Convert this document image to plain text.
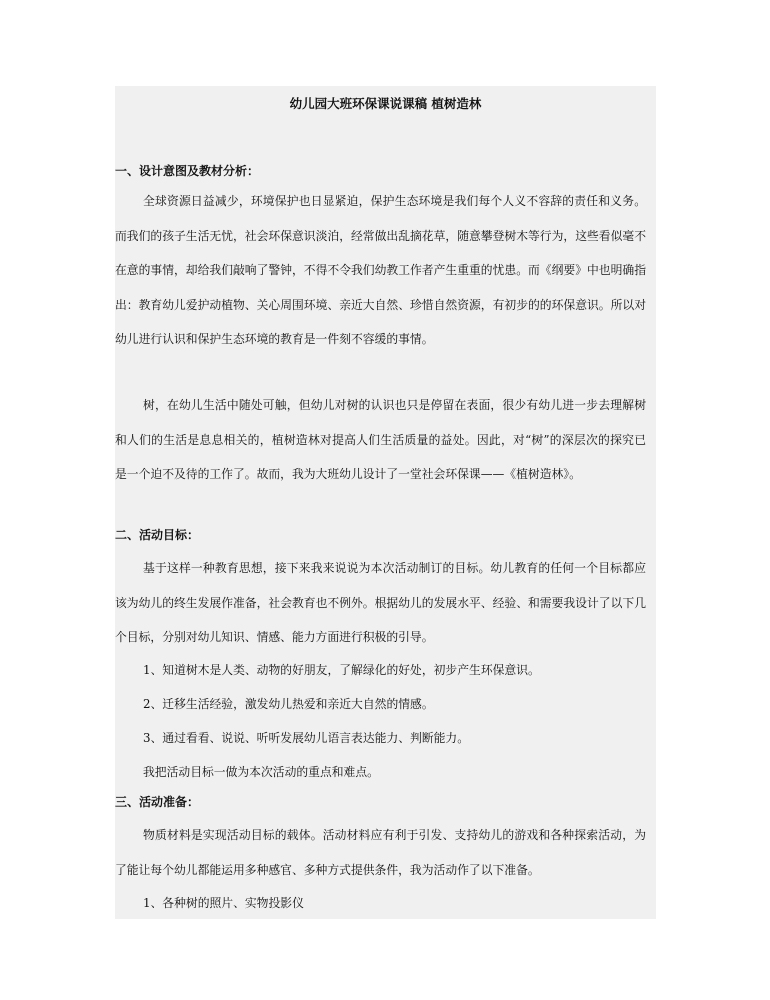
幼儿园大班环保课说课稿 植树造林
一、设计意图及教材分析：
全球资源日益减少，环境保护也日显紧迫，保护生态环境是我们每个人义不容辞的责任和义务。而我们的孩子生活无忧，社会环保意识淡泊，经常做出乱摘花草，随意攀登树木等行为，这些看似毫不在意的事情，却给我们敲响了警钟，不得不令我们幼教工作者产生重重的忧患。而《纲要》中也明确指出：教育幼儿爱护动植物、关心周围环境、亲近大自然、珍惜自然资源，有初步的的环保意识。所以对幼儿进行认识和保护生态环境的教育是一件刻不容缓的事情。
树，在幼儿生活中随处可触，但幼儿对树的认识也只是停留在表面，很少有幼儿进一步去理解树和人们的生活是息息相关的，植树造林对提高人们生活质量的益处。因此，对“树”的深层次的探究已是一个迫不及待的工作了。故而，我为大班幼儿设计了一堂社会环保课——《植树造林》。
二、活动目标：
基于这样一种教育思想，接下来我来说说为本次活动制订的目标。幼儿教育的任何一个目标都应该为幼儿的终生发展作准备，社会教育也不例外。根据幼儿的发展水平、经验、和需要我设计了以下几个目标，分别对幼儿知识、情感、能力方面进行积极的引导。
1、知道树木是人类、动物的好朋友，了解绿化的好处，初步产生环保意识。
2、迁移生活经验，激发幼儿热爱和亲近大自然的情感。
3、通过看看、说说、听听发展幼儿语言表达能力、判断能力。
我把活动目标一做为本次活动的重点和难点。
三、活动准备：
物质材料是实现活动目标的载体。活动材料应有利于引发、支持幼儿的游戏和各种探索活动，为了能让每个幼儿都能运用多种感官、多种方式提供条件，我为活动作了以下准备。
1、各种树的照片、实物投影仪
